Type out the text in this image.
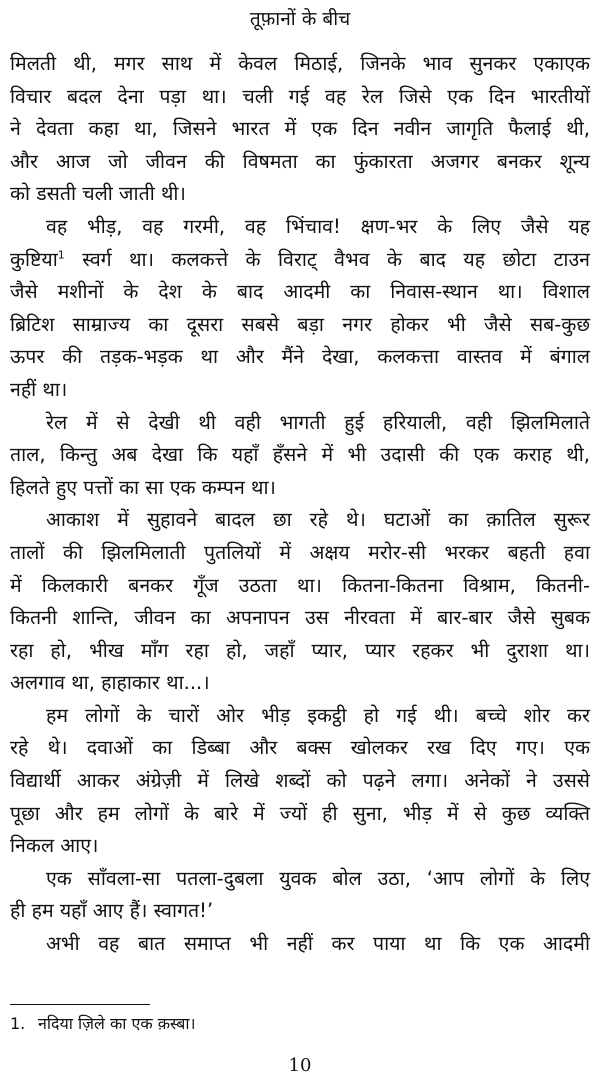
तूफ़ानों के बीच

मिलती थी, मगर साथ में केवल मिठाई, जिनके भाव सुनकर एकाएक

विचार बदल देना पड़ा था। चली गई वह रेल जिसे एक दिन भारतीयों

ने देवता कहा था, जिसने भारत में एक दिन नवीन जागृति फैलाई थी,

और आज जो जीवन की विषमता का फुंकारता अजगर बनकर शून्य

को डसती चली जाती थी।

वह भीड़, वह गरमी, वह भिंचाव! क्षण-भर के लिए जैसे यह

कुष्टिया$^1$ स्वर्ग था। कलकत्ते के विराट् वैभव के बाद यह छोटा टाउन

जैसे मशीनों के देश के बाद आदमी का निवास-स्थान था। विशाल

ब्रिटिश साम्राज्य का दूसरा सबसे बड़ा नगर होकर भी जैसे सब-कुछ

ऊपर की तड़क-भड़क था और मैंने देखा, कलकत्ता वास्तव में बंगाल

नहीं था।

रेल में से देखी थी वही भागती हुई हरियाली, वही झिलमिलाते

ताल, किन्तु अब देखा कि यहाँ हँसने में भी उदासी की एक कराह थी,

हिलते हुए पत्तों का सा एक कम्पन था।

आकाश में सुहावने बादल छा रहे थे। घटाओं का क़ातिल सुरूर

तालों की झिलमिलाती पुतलियों में अक्षय मरोर-सी भरकर बहती हवा

में किलकारी बनकर गूँज उठता था। कितना-कितना विश्राम, कितनी-

कितनी शान्ति, जीवन का अपनापन उस नीरवता में बार-बार जैसे सुबक

रहा हो, भीख माँग रहा हो, जहाँ प्यार, प्यार रहकर भी दुराशा था।

अलगाव था, हाहाकार था...।

हम लोगों के चारों ओर भीड़ इकट्ठी हो गई थी। बच्चे शोर कर

रहे थे। दवाओं का डिब्बा और बक्स खोलकर रख दिए गए। एक

विद्यार्थी आकर अंग्रेज़ी में लिखे शब्दों को पढ़ने लगा। अनेकों ने उससे

पूछा और हम लोगों के बारे में ज्यों ही सुना, भीड़ में से कुछ व्यक्ति

निकल आए।

एक साँवला-सा पतला-दुबला युवक बोल उठा, ‘आप लोगों के लिए

ही हम यहाँ आए हैं। स्वागत!’

अभी वह बात समाप्त भी नहीं कर पाया था कि एक आदमी

1. नदिया ज़िले का एक क़स्बा।
10
